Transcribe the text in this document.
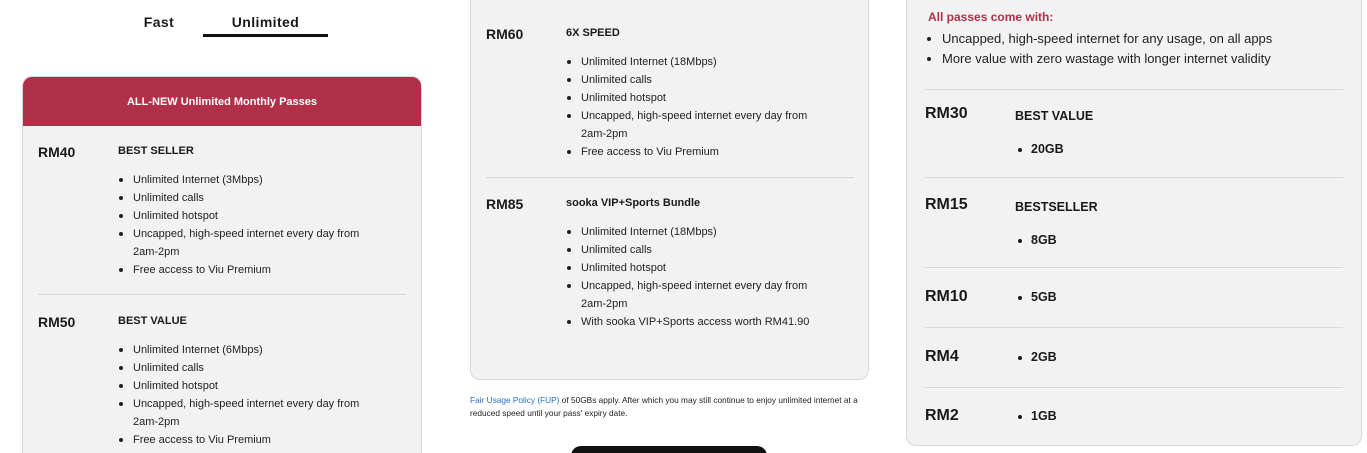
Fast	Unlimited
ALL-NEW Unlimited Monthly Passes
RM40	BEST SELLER
Unlimited Internet (3Mbps)
Unlimited calls
Unlimited hotspot
Uncapped, high-speed internet every day from
2am-2pm
Free access to Viu Premium
RM50	BEST VALUE
Unlimited Internet (6Mbps)
Unlimited calls
Unlimited hotspot
Uncapped, high-speed internet every day from
2am-2pm
Free access to Viu Premium
RM60	6X SPEED
Unlimited Internet (18Mbps)
Unlimited calls
Unlimited hotspot
Uncapped, high-speed internet every day from
2am-2pm
Free access to Viu Premium
RM85	sooka VIP+Sports Bundle
Unlimited Internet (18Mbps)
Unlimited calls
Unlimited hotspot
Uncapped, high-speed internet every day from
2am-2pm
With sooka VIP+Sports access worth RM41.90
Fair Usage Policy (FUP) of 50GBs apply. After which you may still continue to enjoy unlimited internet at a reduced speed until your pass' expiry date.
All passes come with:
Uncapped, high-speed internet for any usage, on all apps
More value with zero wastage with longer internet validity
RM30	BEST VALUE
20GB
RM15	BESTSELLER
8GB
RM10	5GB
RM4	2GB
RM2	1GB
